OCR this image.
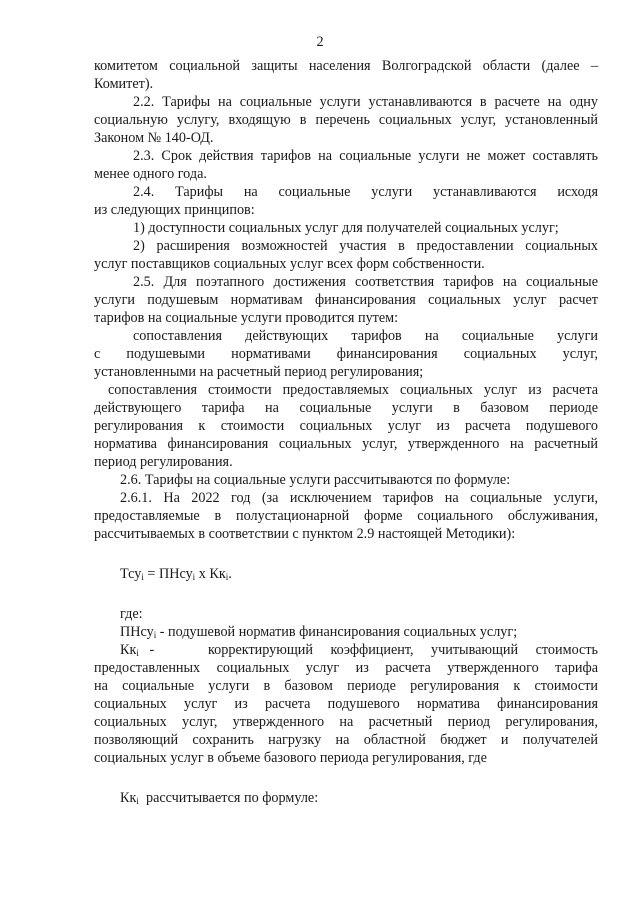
2
комитетом социальной защиты населения Волгоградской области (далее –
Комитет).
2.2. Тарифы на социальные услуги устанавливаются в расчете на одну
социальную услугу, входящую в перечень социальных услуг, установленный
Законом № 140-ОД.
2.3. Срок действия тарифов на социальные услуги не может составлять
менее одного года.
2.4. Тарифы на социальные услуги устанавливаются исходя
из следующих принципов:
1) доступности социальных услуг для получателей социальных услуг;
2) расширения возможностей участия в предоставлении социальных
услуг поставщиков социальных услуг всех форм собственности.
2.5. Для поэтапного достижения соответствия тарифов на социальные
услуги подушевым нормативам финансирования социальных услуг расчет
тарифов на социальные услуги проводится путем:
сопоставления действующих тарифов на социальные услуги
с подушевыми нормативами финансирования социальных услуг,
установленными на расчетный период регулирования;
сопоставления стоимости предоставляемых социальных услуг из расчета
действующего тарифа на социальные услуги в базовом периоде
регулирования к стоимости социальных услуг из расчета подушевого
норматива финансирования социальных услуг, утвержденного на расчетный
период регулирования.
2.6. Тарифы на социальные услуги рассчитываются по формуле:
2.6.1. На 2022 год (за исключением тарифов на социальные услуги,
предоставляемые в полустационарной форме социального обслуживания,
рассчитываемых в соответствии с пунктом 2.9 настоящей Методики):
Тсу$_i$ = ПНсу$_i$ х $Кк_i$.
где:
ПНсу$_i$ - подушевой норматив финансирования социальных услуг;
$Кк_i$ -	корректирующий коэффициент, учитывающий стоимость
предоставленных социальных услуг из расчета утвержденного тарифа
на социальные услуги в базовом периоде регулирования к стоимости
социальных услуг из расчета подушевого норматива финансирования
социальных услуг, утвержденного на расчетный период регулирования,
позволяющий сохранить нагрузку на областной бюджет и получателей
социальных услуг в объеме базового периода регулирования, где
$Кк_i$ рассчитывается по формуле:
